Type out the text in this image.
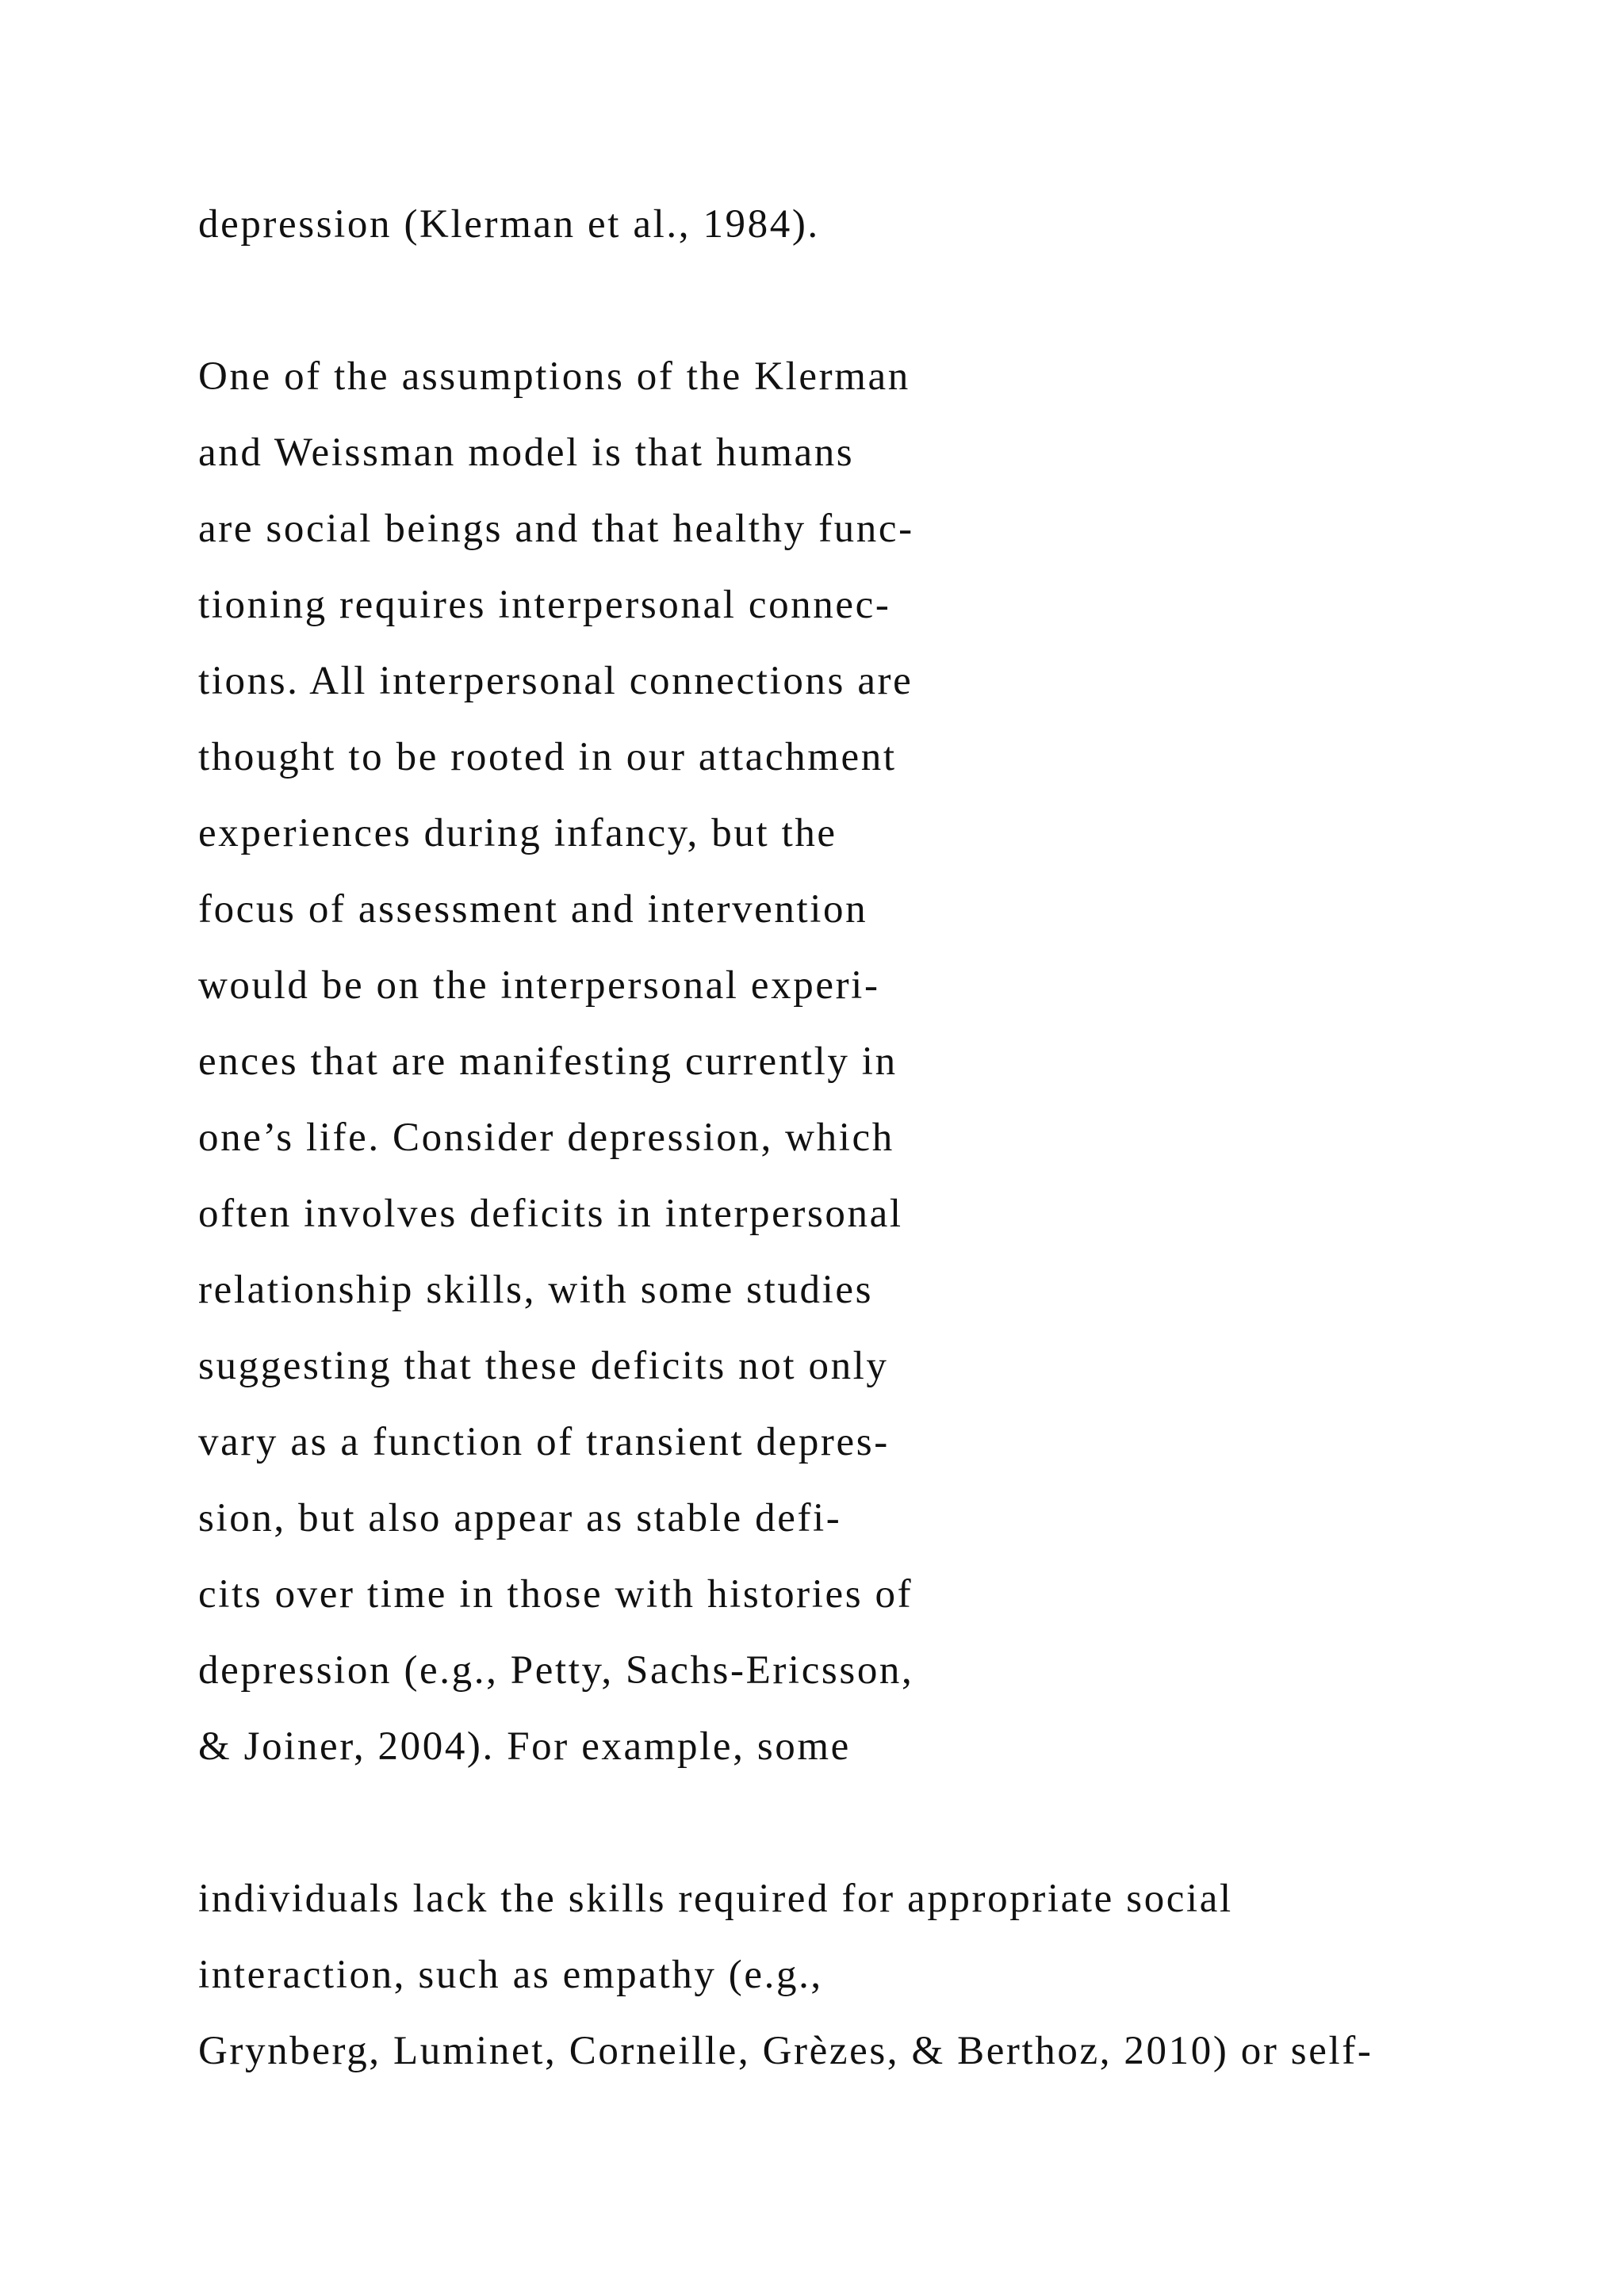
depression (Klerman et al., 1984).

One of the assumptions of the Klerman

and Weissman model is that humans

are social beings and that healthy func-

tioning requires interpersonal connec-

tions. All interpersonal connections are

thought to be rooted in our attachment

experiences during infancy, but the

focus of assessment and intervention

would be on the interpersonal experi-

ences that are manifesting currently in

one’s life. Consider depression, which

often involves deficits in interpersonal

relationship skills, with some studies

suggesting that these deficits not only

vary as a function of transient depres-

sion, but also appear as stable defi-

cits over time in those with histories of

depression (e.g., Petty, Sachs-Ericsson,

& Joiner, 2004). For example, some

individuals lack the skills required for appropriate social

interaction, such as empathy (e.g.,

Grynberg, Luminet, Corneille, Grèzes, & Berthoz, 2010) or self-
